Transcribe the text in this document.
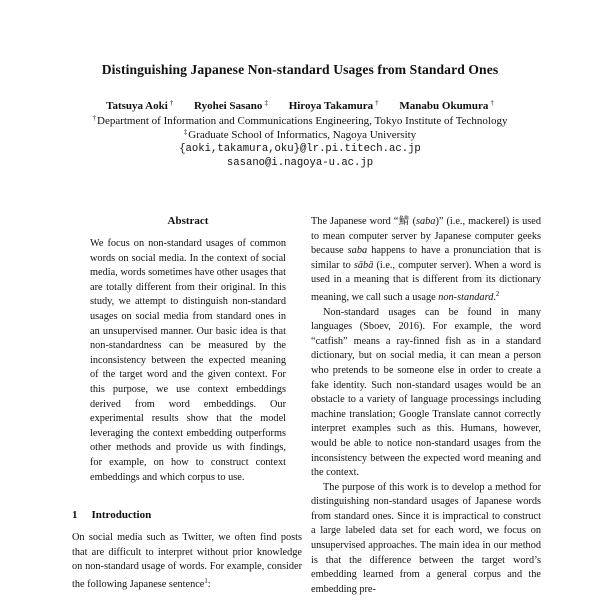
Distinguishing Japanese Non-standard Usages from Standard Ones
Tatsuya Aoki † Ryohei Sasano ‡ Hiroya Takamura † Manabu Okumura †
†Department of Information and Communications Engineering, Tokyo Institute of Technology
‡Graduate School of Informatics, Nagoya University
{aoki,takamura,oku}@lr.pi.titech.ac.jp
sasano@i.nagoya-u.ac.jp
Abstract

We focus on non-standard usages of common words on social media. In the context of social media, words sometimes have other usages that are totally different from their original. In this study, we attempt to distinguish non-standard usages on social media from standard ones in an unsupervised manner. Our basic idea is that non-standardness can be measured by the inconsistency between the expected meaning of the target word and the given context. For this purpose, we use context embeddings derived from word embeddings. Our experimental results show that the model leveraging the context embedding outperforms other methods and provide us with findings, for example, on how to construct context embeddings and which corpus to use.

1 Introduction

On social media such as Twitter, we often find posts that are difficult to interpret without prior knowledge on non-standard usage of words. For example, consider the following Japanese sentence$^1$:

The Japanese word “鯖 (saba)” (i.e., mackerel) is used to mean computer server by Japanese computer geeks because saba happens to have a pronunciation that is similar to sābā (i.e., computer server). When a word is used in a meaning that is different from its dictionary meaning, we call such a usage non-standard.$^2$

Non-standard usages can be found in many languages (Sboev, 2016). For example, the word “catfish” means a ray-finned fish as in a standard dictionary, but on social media, it can mean a person who pretends to be someone else in order to create a fake identity. Such non-standard usages would be an obstacle to a variety of language processings including machine translation; Google Translate cannot correctly interpret examples such as this. Humans, however, would be able to notice non-standard usages from the inconsistency between the expected word meaning and the context.

The purpose of this work is to develop a method for distinguishing non-standard usages of Japanese words from standard ones. Since it is impractical to construct a large labeled data set for each word, we focus on unsupervised approaches. The main idea in our method is that the difference between the target word’s embedding learned from a general corpus and the embedding pre-
